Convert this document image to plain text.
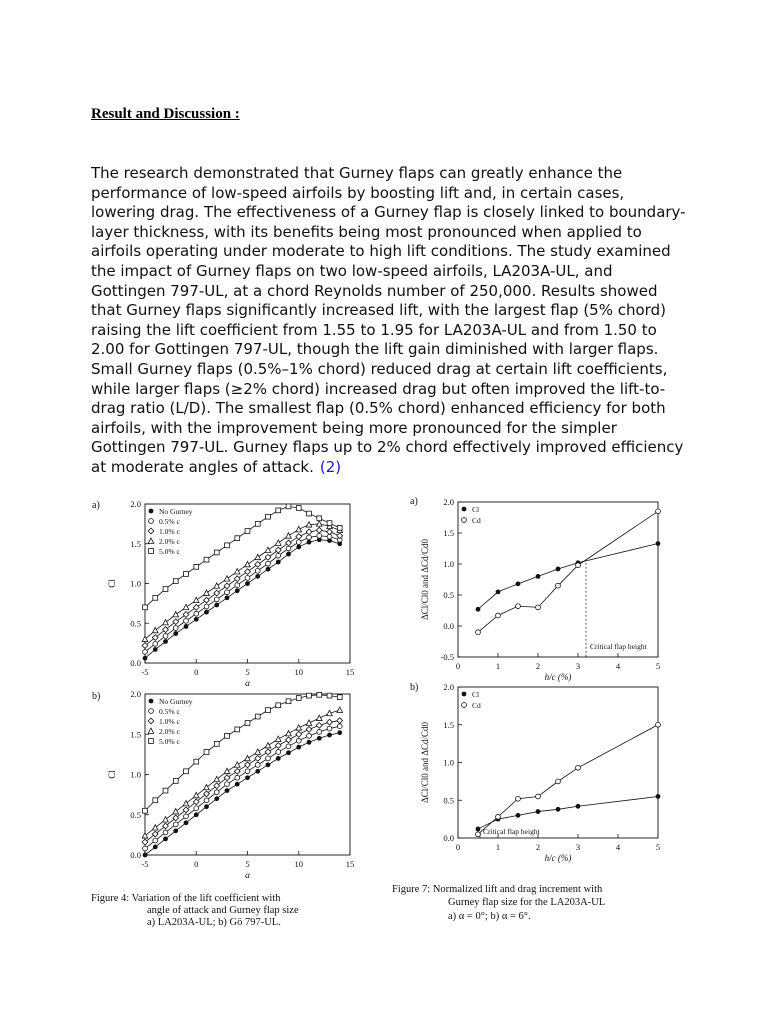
Result and Discussion :
The research demonstrated that Gurney flaps can greatly enhance the performance of low-speed airfoils by boosting lift and, in certain cases, lowering drag. The effectiveness of a Gurney flap is closely linked to boundary-layer thickness, with its benefits being most pronounced when applied to airfoils operating under moderate to high lift conditions. The study examined the impact of Gurney flaps on two low-speed airfoils, LA203A-UL, and Gottingen 797-UL, at a chord Reynolds number of 250,000. Results showed that Gurney flaps significantly increased lift, with the largest flap (5% chord) raising the lift coefficient from 1.55 to 1.95 for LA203A-UL and from 1.50 to 2.00 for Gottingen 797-UL, though the lift gain diminished with larger flaps. Small Gurney flaps (0.5%–1% chord) reduced drag at certain lift coefficients, while larger flaps (≥2% chord) increased drag but often improved the lift-to-drag ratio (L/D). The smallest flap (0.5% chord) enhanced efficiency for both airfoils, with the improvement being more pronounced for the simpler Gottingen 797-UL. Gurney flaps up to 2% chord effectively improved efficiency at moderate angles of attack. (2)
a)
-5	0	5	10	15
0.0
0.5
1.0
1.5
2.0
α
Cl
No Gurney
0.5% c
1.0% c
2.0% c
5.0% c
a)
0	1	2	3	4	5
-0.5
0.0
0.5
1.0
1.5
2.0
h/c (%)
ΔCl/Cl0 and ΔCd/Cd0
Cl
Cd
Critical flap height
b)
-5	0	5	10	15
0.0
0.5
1.0
1.5
2.0
α
Cl
No Gurney
0.5% c
1.0% c
2.0% c
5.0% c
b)
0	1	2	3	4	5
0.0
0.5
1.0
1.5
2.0
h/c (%)
ΔCl/Cl0 and ΔCd/Cd0
Cl
Cd
Critical flap height
Figure 4: Variation of the lift coefficient with
angle of attack and Gurney flap size
a) LA203A-UL; b) Gö 797-UL.
Figure 7: Normalized lift and drag increment with
Gurney flap size for the LA203A-UL
a) α = 0°; b) α = 6°.
